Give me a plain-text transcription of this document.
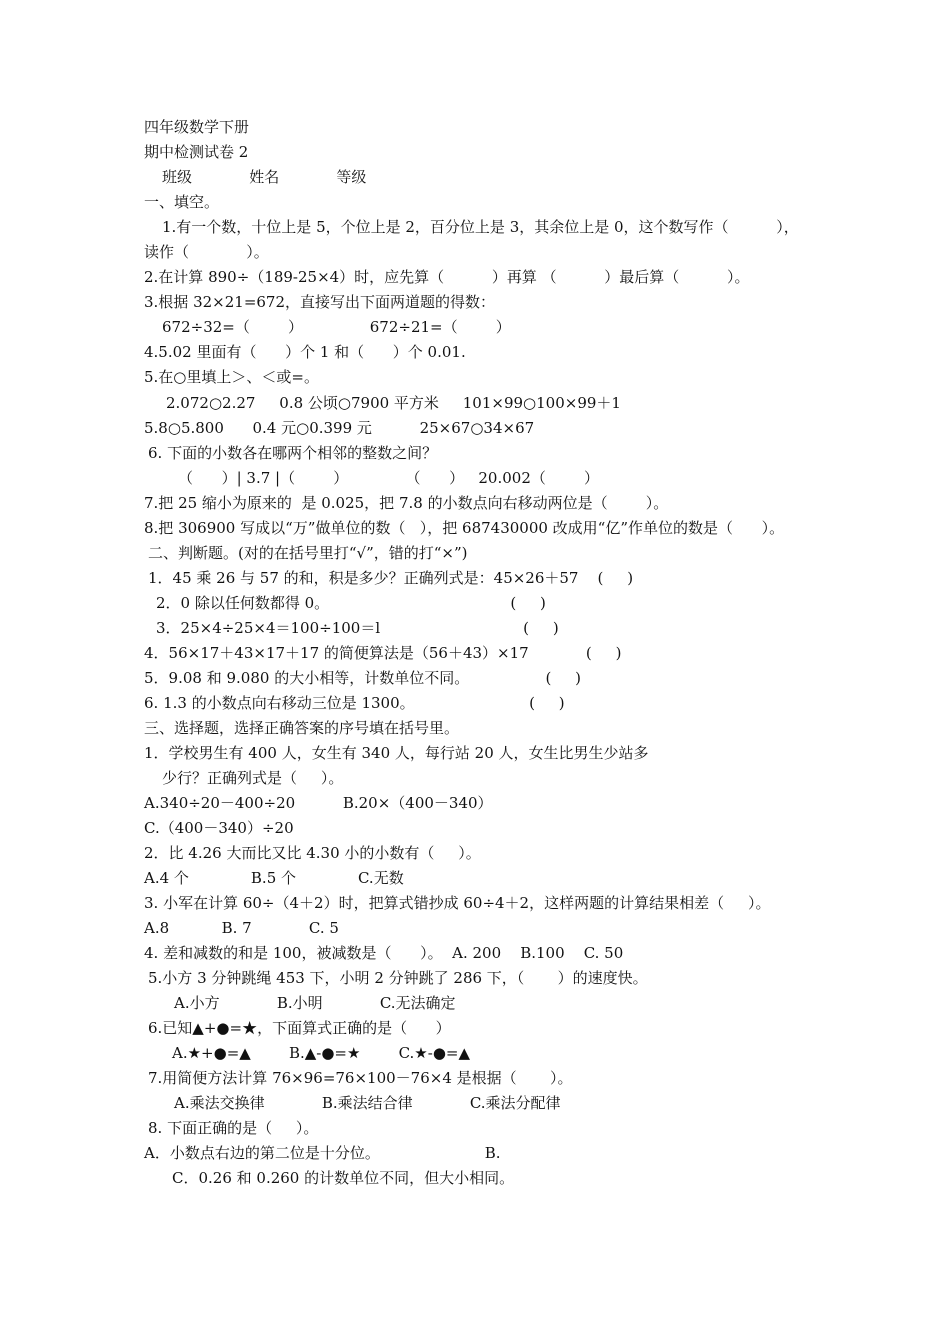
四年级数学下册
期中检测试卷 2
班级            姓名            等级
一、填空。
1.有一个数，十位上是 5，个位上是 2，百分位上是 3，其余位上是 0，这个数写作（          ），
读作（            ）。
2.在计算 890÷（189-25×4）时，应先算（          ）再算 （          ）最后算（          ）。
3.根据 32×21=672，直接写出下面两道题的得数：
672÷32=（        ）              672÷21=（        ）
4.5.02 里面有（      ）个 1 和（      ）个 0.01.
5.在○里填上＞、＜或=。
2.072○2.27     0.8 公顷○7900 平方米     101×99○100×99＋1
5.8○5.800      0.4 元○0.399 元          25×67○34×67
6. 下面的小数各在哪两个相邻的整数之间？
（      ）| 3.7 |（        ）            （      ）   20.002（        ）
7.把 25 缩小为原来的  是 0.025，把 7.8 的小数点向右移动两位是（        ）。
8.把 306900 写成以“万”做单位的数（   ），把 687430000 改成用“亿”作单位的数是（      ）。
二、判断题。(对的在括号里打“√”，错的打“×”)
1．45 乘 26 与 57 的和，积是多少？正确列式是：45×26＋57    (     )
2．0 除以任何数都得 0。                                      (     )
3．25×4÷25×4＝100÷100＝l                              (     )
4．56×17＋43×17＋17 的简便算法是（56＋43）×17            (     )
5．9.08 和 9.080 的大小相等，计数单位不同。                (     )
6. 1.3 的小数点向右移动三位是 1300。                        (     )
三、选择题，选择正确答案的序号填在括号里。
1．学校男生有 400 人，女生有 340 人，每行站 20 人，女生比男生少站多
少行？正确列式是（     ）。
A.340÷20－400÷20          B.20×（400－340）
C.（400－340）÷20
2．比 4.26 大而比又比 4.30 小的小数有（     ）。
A.4 个             B.5 个             C.无数
3. 小军在计算 60÷（4＋2）时，把算式错抄成 60÷4＋2，这样两题的计算结果相差（     ）。
A.8           B. 7            C. 5
4. 差和减数的和是 100，被减数是（      ）。  A. 200    B.100    C. 50
5.小方 3 分钟跳绳 453 下，小明 2 分钟跳了 286 下，（       ）的速度快。
A.小方            B.小明            C.无法确定
6.已知▲+●=★，下面算式正确的是（      ）
A.★+●=▲        B.▲-●=★        C.★-●=▲
7.用简便方法计算 76×96=76×100－76×4 是根据（       ）。
A.乘法交换律            B.乘法结合律            C.乘法分配律
8. 下面正确的是（     ）。
A．小数点右边的第二位是十分位。                      B.
C．0.26 和 0.260 的计数单位不同，但大小相同。
